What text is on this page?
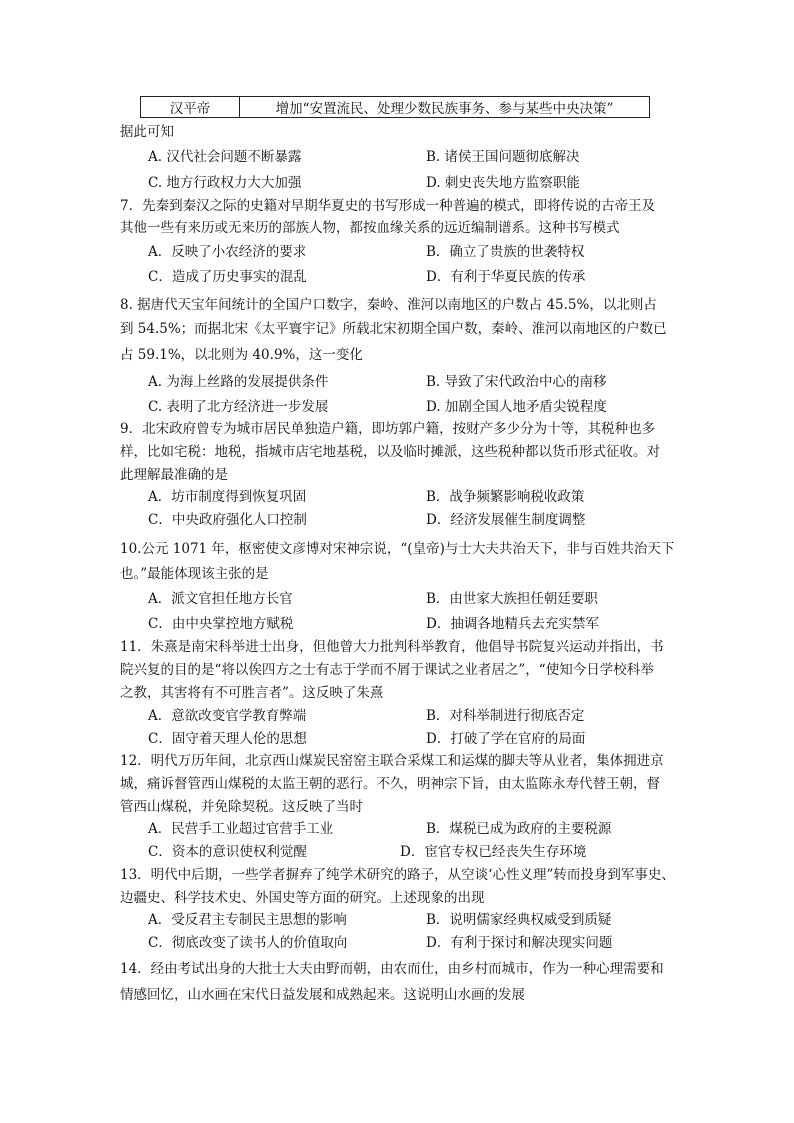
汉平帝	增加“安置流民、处理少数民族事务、参与某些中央决策”
据此可知
A. 汉代社会问题不断暴露	B. 诸侯王国问题彻底解决
C. 地方行政权力大大加强	D. 刺史丧失地方监察职能
7．先秦到秦汉之际的史籍对早期华夏史的书写形成一种普遍的模式，即将传说的古帝王及
其他一些有来历或无来历的部族人物，都按血缘关系的远近编制谱系。这种书写模式
A．反映了小农经济的要求	B．确立了贵族的世袭特权
C．造成了历史事实的混乱	D．有利于华夏民族的传承
8. 据唐代天宝年间统计的全国户口数字，秦岭、淮河以南地区的户数占 45.5%，以北则占
到 54.5%；而据北宋《太平寰宇记》所载北宋初期全国户数，秦岭、淮河以南地区的户数已
占 59.1%，以北则为 40.9%，这一变化
A. 为海上丝路的发展提供条件	B. 导致了宋代政治中心的南移
C. 表明了北方经济进一步发展	D. 加剧全国人地矛盾尖锐程度
9．北宋政府曾专为城市居民单独造户籍，即坊郭户籍，按财产多少分为十等，其税种也多
样，比如宅税：地税，指城市店宅地基税，以及临时摊派，这些税种都以货币形式征收。对
此理解最准确的是
A．坊市制度得到恢复巩固	B．战争频繁影响税收政策
C．中央政府强化人口控制	D．经济发展催生制度调整
10.公元 1071 年，枢密使文彦博对宋神宗说，“(皇帝)与士大夫共治天下，非与百姓共治天下
也。”最能体现该主张的是
A．派文官担任地方长官	B．由世家大族担任朝廷要职
C．由中央掌控地方赋税	D．抽调各地精兵去充实禁军
11．朱熹是南宋科举进士出身，但他曾大力批判科举教育，他倡导书院复兴运动并指出，书
院兴复的目的是“将以俟四方之士有志于学而不屑于课试之业者居之”，“使知今日学校科举
之教，其害将有不可胜言者”。这反映了朱熹
A．意欲改变官学教育弊端	B．对科举制进行彻底否定
C．固守着天理人伦的思想	D．打破了学在官府的局面
12．明代万历年间，北京西山煤炭民窑窑主联合采煤工和运煤的脚夫等从业者，集体拥进京
城，痛诉督管西山煤税的太监王朝的恶行。不久，明神宗下旨，由太监陈永寿代替王朝，督
管西山煤税，并免除契税。这反映了当时
A．民营手工业超过官营手工业	B．煤税已成为政府的主要税源
C．资本的意识使权利觉醒	D．宦官专权已经丧失生存环境
13．明代中后期，一些学者摒弃了纯学术研究的路子，从空谈‘心性义理”转而投身到军事史、
边疆史、科学技术史、外国史等方面的研究。上述现象的出现
A．受反君主专制民主思想的影响	B．说明儒家经典权威受到质疑
C．彻底改变了读书人的价值取向	D．有利于探讨和解决现实问题
14．经由考试出身的大批士大夫由野而朝，由农而仕，由乡村而城市，作为一种心理需要和
情感回忆，山水画在宋代日益发展和成熟起来。这说明山水画的发展
